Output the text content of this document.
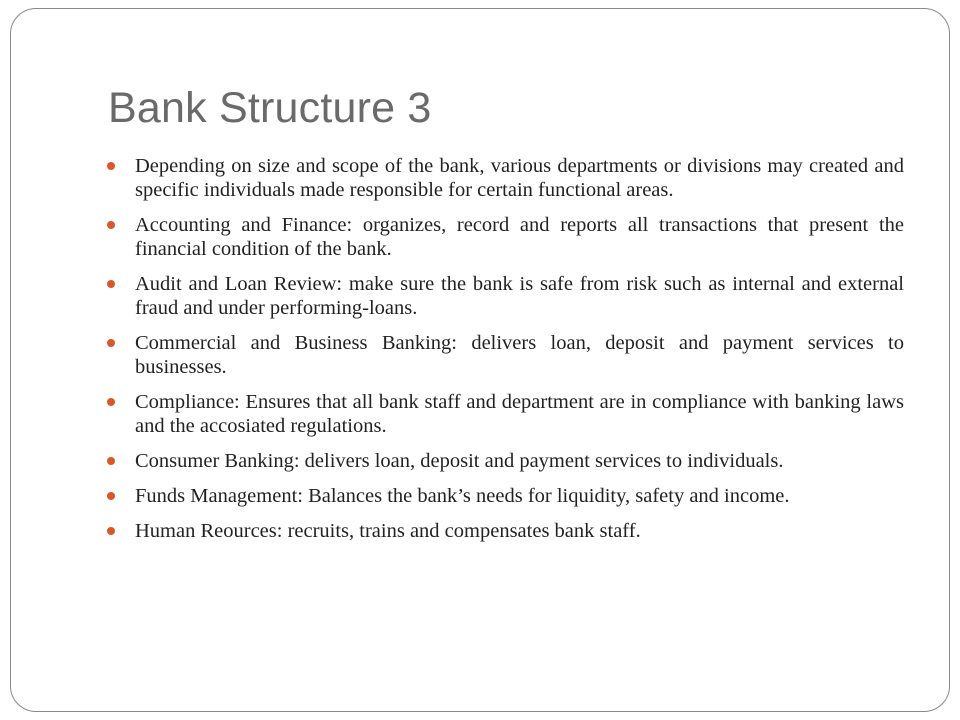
Bank Structure 3
Depending on size and scope of the bank, various departments or divisions may created and specific individuals made responsible for certain functional areas.
Accounting and Finance: organizes, record and reports all transactions that present the financial condition of the bank.
Audit and Loan Review: make sure the bank is safe from risk such as internal and external fraud and under performing-loans.
Commercial and Business Banking: delivers loan, deposit and payment services to businesses.
Compliance: Ensures that all bank staff and department are in compliance with banking laws and the accosiated regulations.
Consumer Banking: delivers loan, deposit and payment services to individuals.
Funds Management: Balances the bank’s needs for liquidity, safety and income.
Human Reources: recruits, trains and compensates bank staff.
